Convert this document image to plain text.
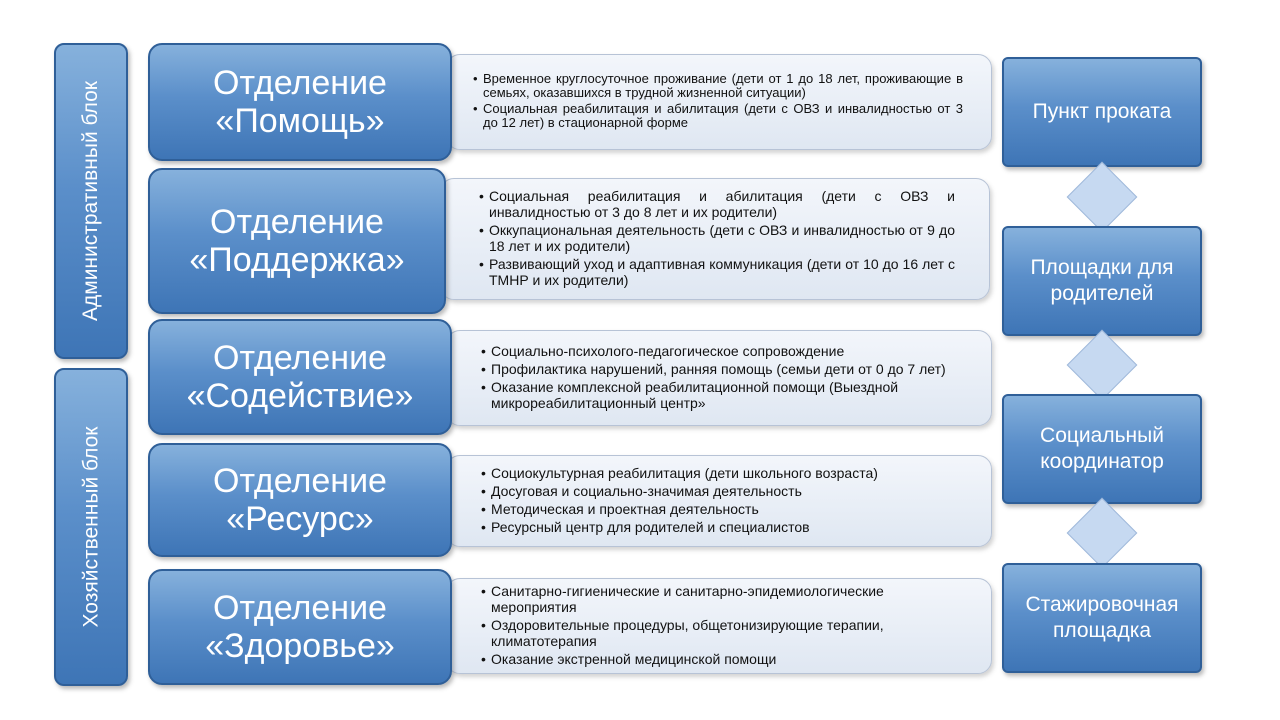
Административный блок
Хозяйственный блок
Отделение
«Помощь»
• Временное круглосуточное проживание (дети от 1 до 18 лет, проживающие в семьях, оказавшихся в трудной жизненной ситуации)
• Социальная реабилитация и абилитация (дети с ОВЗ и инвалидностью от 3 до 12 лет) в стационарной форме
Отделение
«Поддержка»
• Социальная реабилитация и абилитация (дети с ОВЗ и инвалидностью от 3 до 8 лет и их родители)
• Оккупациональная деятельность (дети с ОВЗ и инвалидностью от 9 до 18 лет и их родители)
• Развивающий уход и адаптивная коммуникация (дети от 10 до 16 лет с ТМНР и их родители)
Отделение
«Содействие»
• Социально-психолого-педагогическое сопровождение
• Профилактика нарушений, ранняя помощь (семьи дети от 0 до 7 лет)
• Оказание комплексной реабилитационной помощи (Выездной микрореабилитационный центр»
Отделение
«Ресурс»
• Социокультурная реабилитация (дети школьного возраста)
• Досуговая и социально-значимая деятельность
• Методическая и проектная деятельность
• Ресурсный центр для родителей и специалистов
Отделение
«Здоровье»
• Санитарно-гигиенические и санитарно-эпидемиологические мероприятия
• Оздоровительные процедуры, общетонизирующие терапии, климатотерапия
• Оказание экстренной медицинской помощи
Пункт проката
Площадки для
родителей
Социальный
координатор
Стажировочная
площадка
